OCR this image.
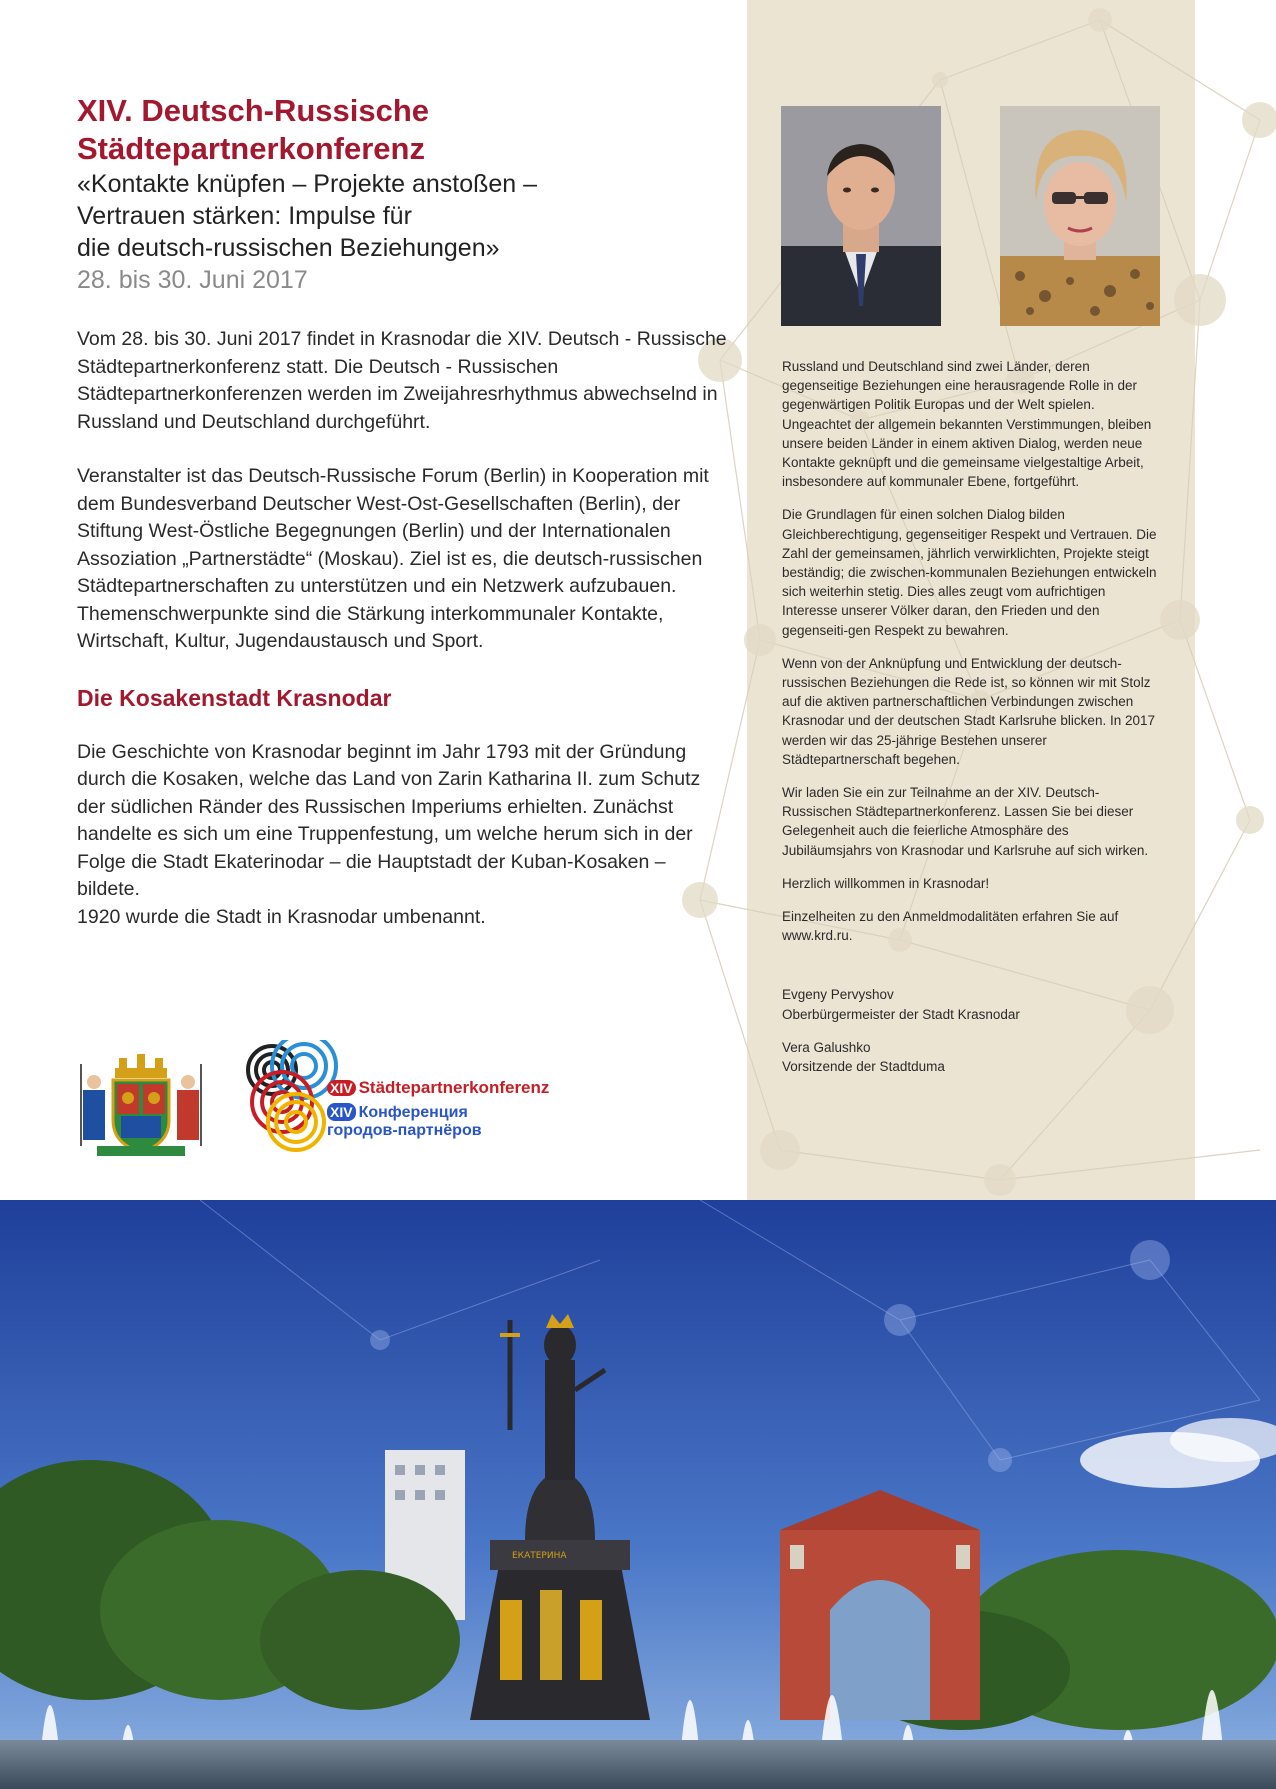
XIV. Deutsch-Russische
Städtepartnerkonferenz

«Kontakte knüpfen – Projekte anstoßen –
Vertrauen stärken: Impulse für
die deutsch-russischen Beziehungen»

28. bis 30. Juni 2017

Vom 28. bis 30. Juni 2017 findet in Krasnodar die XIV. Deutsch - Russische Städtepartnerkonferenz statt. Die Deutsch - Russischen Städtepartnerkonferenzen werden im Zweijahresrhythmus abwechselnd in Russland und Deutschland durchgeführt.

Veranstalter ist das Deutsch-Russische Forum (Berlin) in Kooperation mit dem Bundesverband Deutscher West-Ost-Gesellschaften (Berlin), der Stiftung West-Östliche Begegnungen (Berlin) und der Internationalen Assoziation „Partnerstädte“ (Moskau). Ziel ist es, die deutsch-russischen Städtepartnerschaften zu unterstützen und ein Netzwerk aufzubauen. Themenschwerpunkte sind die Stärkung interkommunaler Kontakte, Wirtschaft, Kultur, Jugendaustausch und Sport.

Die Kosakenstadt Krasnodar

Die Geschichte von Krasnodar beginnt im Jahr 1793 mit der Gründung durch die Kosaken, welche das Land von Zarin Katharina II. zum Schutz der südlichen Ränder des Russischen Imperiums erhielten. Zunächst handelte es sich um eine Truppenfestung, um welche herum sich in der Folge die Stadt Ekaterinodar – die Hauptstadt der Kuban-Kosaken – bildete.

1920 wurde die Stadt in Krasnodar umbenannt.

XIV Städtepartnerkonferenz
XIV Конференция
городов-партнёров

Russland und Deutschland sind zwei Länder, deren gegenseitige Beziehungen eine herausragende Rolle in der gegenwärtigen Politik Europas und der Welt spielen. Ungeachtet der allgemein bekannten Verstimmungen, bleiben unsere beiden Länder in einem aktiven Dialog, werden neue Kontakte geknüpft und die gemeinsame vielgestaltige Arbeit, insbesondere auf kommunaler Ebene, fortgeführt.

Die Grundlagen für einen solchen Dialog bilden Gleichberechtigung, gegenseitiger Respekt und Vertrauen. Die Zahl der gemeinsamen, jährlich verwirklichten, Projekte steigt beständig; die zwischen-kommunalen Beziehungen entwickeln sich weiterhin stetig. Dies alles zeugt vom aufrichtigen Interesse unserer Völker daran, den Frieden und den gegenseiti-gen Respekt zu bewahren.

Wenn von der Anknüpfung und Entwicklung der deutsch-russischen Beziehungen die Rede ist, so können wir mit Stolz auf die aktiven partnerschaftlichen Verbindungen zwischen Krasnodar und der deutschen Stadt Karlsruhe blicken. In 2017 werden wir das 25-jährige Bestehen unserer Städtepartnerschaft begehen.

Wir laden Sie ein zur Teilnahme an der XIV. Deutsch-Russischen Städtepartnerkonferenz. Lassen Sie bei dieser Gelegenheit auch die feierliche Atmosphäre des Jubiläumsjahrs von Krasnodar und Karlsruhe auf sich wirken.

Herzlich willkommen in Krasnodar!

Einzelheiten zu den Anmeldmodalitäten erfahren Sie auf www.krd.ru.

Evgeny Pervyshov

Oberbürgermeister der Stadt Krasnodar

Vera Galushko

Vorsitzende der Stadtduma

ЕКАТЕРИНА
